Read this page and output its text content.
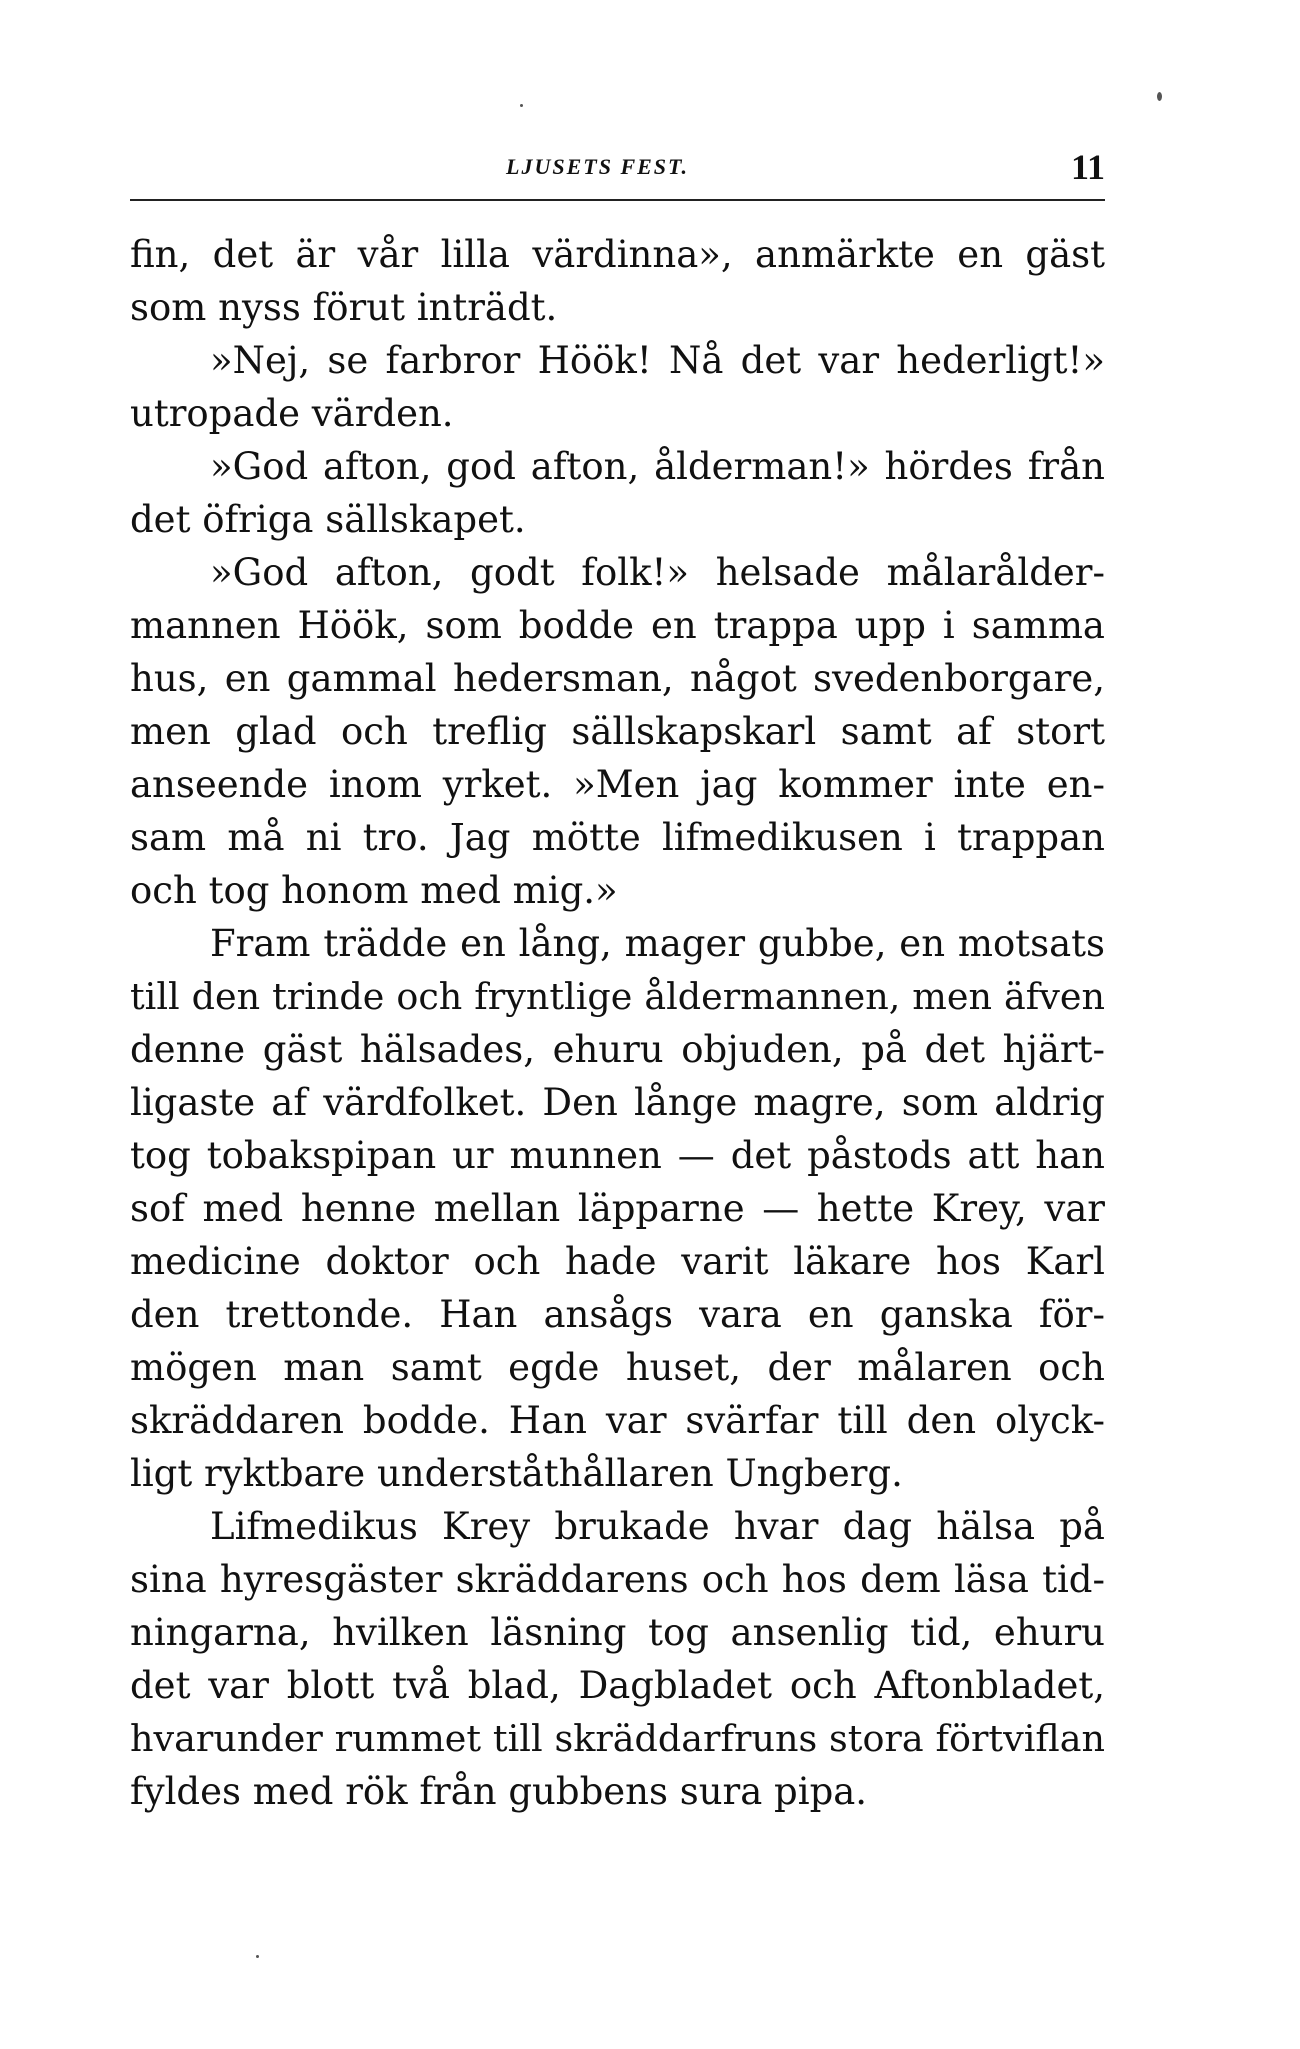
LJUSETS FEST.	11
fin, det är vår lilla värdinna», anmärkte en gäst
som nyss förut inträdt.
»Nej, se farbror Höök! Nå det var hederligt!»
utropade värden.
»God afton, god afton, ålderman!» hördes från
det öfriga sällskapet.
»God afton, godt folk!» helsade målarålder-
mannen Höök, som bodde en trappa upp i samma
hus, en gammal hedersman, något svedenborgare,
men glad och treflig sällskapskarl samt af stort
anseende inom yrket. »Men jag kommer inte en-
sam må ni tro. Jag mötte lifmedikusen i trappan
och tog honom med mig.»
Fram trädde en lång, mager gubbe, en motsats
till den trinde och fryntlige åldermannen, men äfven
denne gäst hälsades, ehuru objuden, på det hjärt-
ligaste af värdfolket. Den långe magre, som aldrig
tog tobakspipan ur munnen — det påstods att han
sof med henne mellan läpparne — hette Krey, var
medicine doktor och hade varit läkare hos Karl
den trettonde. Han ansågs vara en ganska för-
mögen man samt egde huset, der målaren och
skräddaren bodde. Han var svärfar till den olyck-
ligt ryktbare underståthållaren Ungberg.
Lifmedikus Krey brukade hvar dag hälsa på
sina hyresgäster skräddarens och hos dem läsa tid-
ningarna, hvilken läsning tog ansenlig tid, ehuru
det var blott två blad, Dagbladet och Aftonbladet,
hvarunder rummet till skräddarfruns stora förtviflan
fyldes med rök från gubbens sura pipa.
